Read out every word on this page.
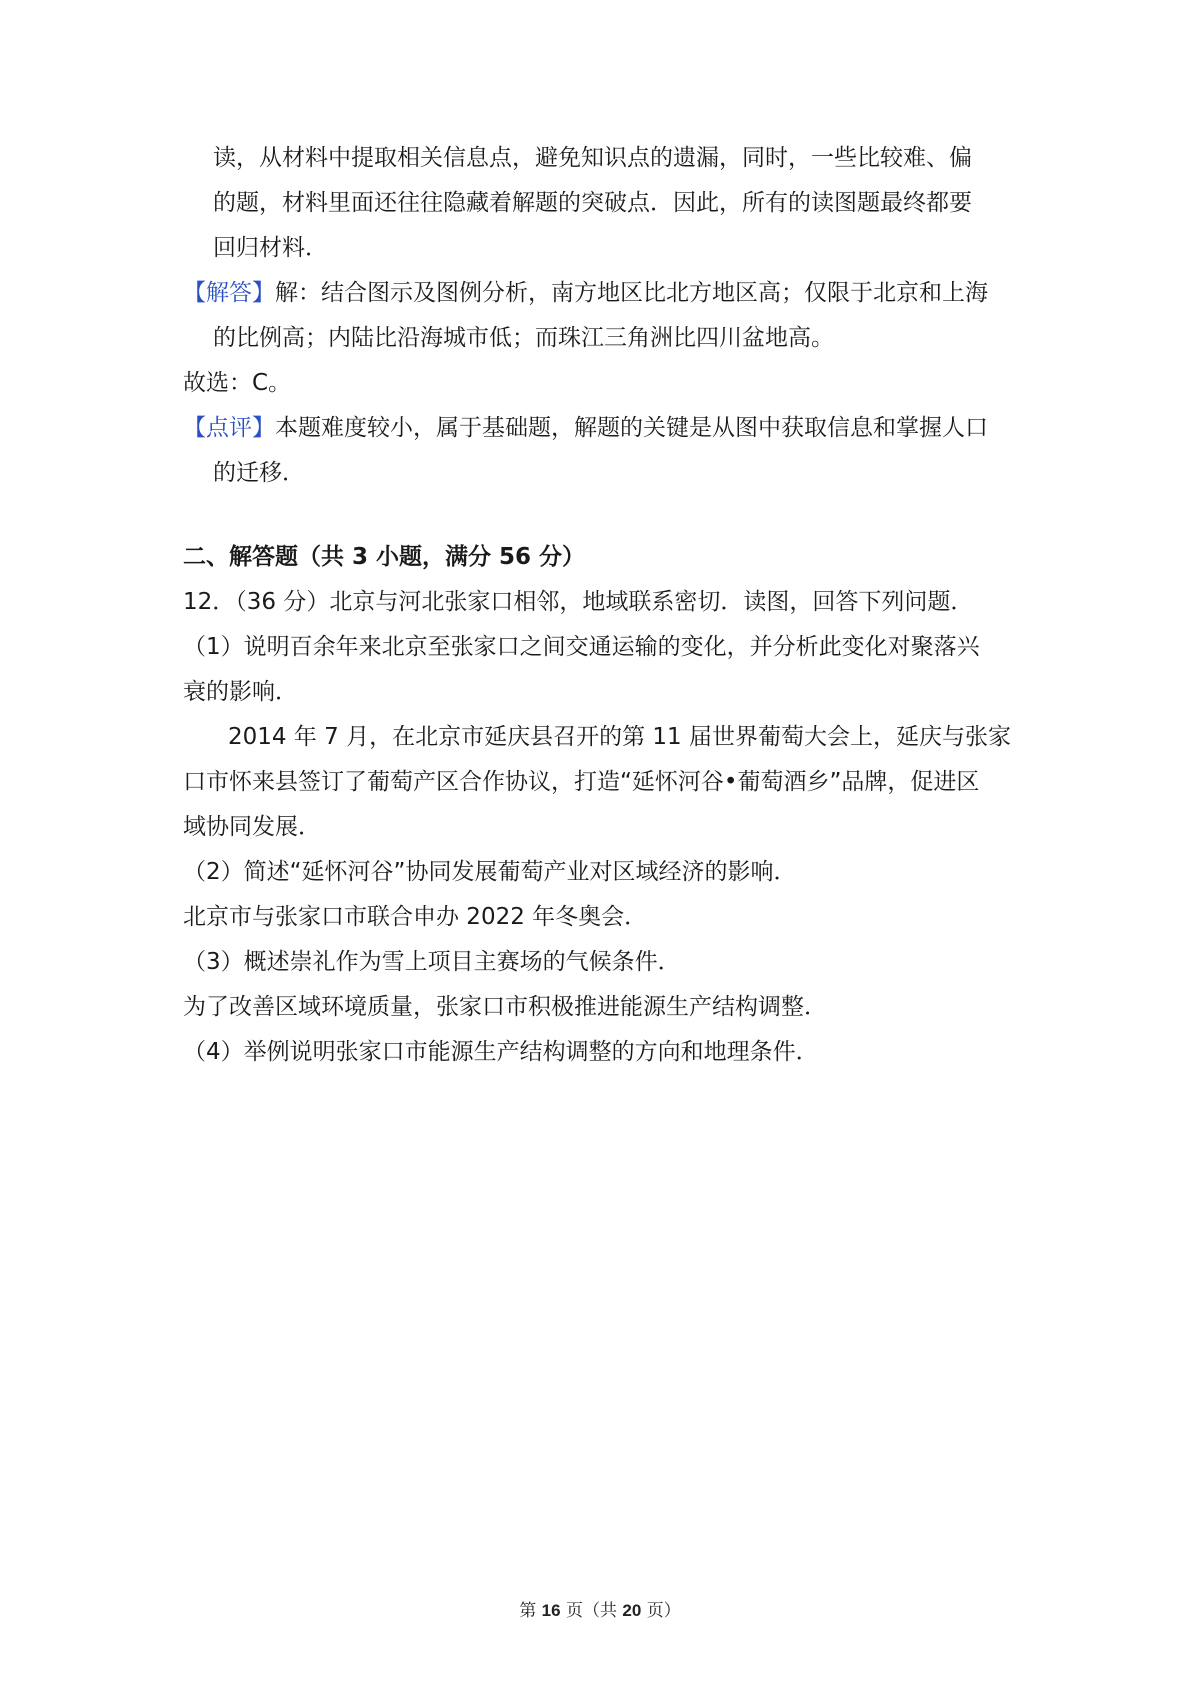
读，从材料中提取相关信息点，避免知识点的遗漏，同时，一些比较难、偏
的题，材料里面还往往隐藏着解题的突破点．因此，所有的读图题最终都要
回归材料．
【解答】解：结合图示及图例分析，南方地区比北方地区高；仅限于北京和上海
的比例高；内陆比沿海城市低；而珠江三角洲比四川盆地高。
故选：C。
【点评】本题难度较小，属于基础题，解题的关键是从图中获取信息和掌握人口
的迁移．
二、解答题（共 3 小题，满分 56 分）
12．（36 分）北京与河北张家口相邻，地域联系密切．读图，回答下列问题．
（1）说明百余年来北京至张家口之间交通运输的变化，并分析此变化对聚落兴
衰的影响．
2014 年 7 月，在北京市延庆县召开的第 11 届世界葡萄大会上，延庆与张家
口市怀来县签订了葡萄产区合作协议，打造“延怀河谷•葡萄酒乡”品牌，促进区
域协同发展．
（2）简述“延怀河谷”协同发展葡萄产业对区域经济的影响．
北京市与张家口市联合申办 2022 年冬奥会．
（3）概述崇礼作为雪上项目主赛场的气候条件．
为了改善区域环境质量，张家口市积极推进能源生产结构调整．
（4）举例说明张家口市能源生产结构调整的方向和地理条件．
第 16 页（共 20 页）
